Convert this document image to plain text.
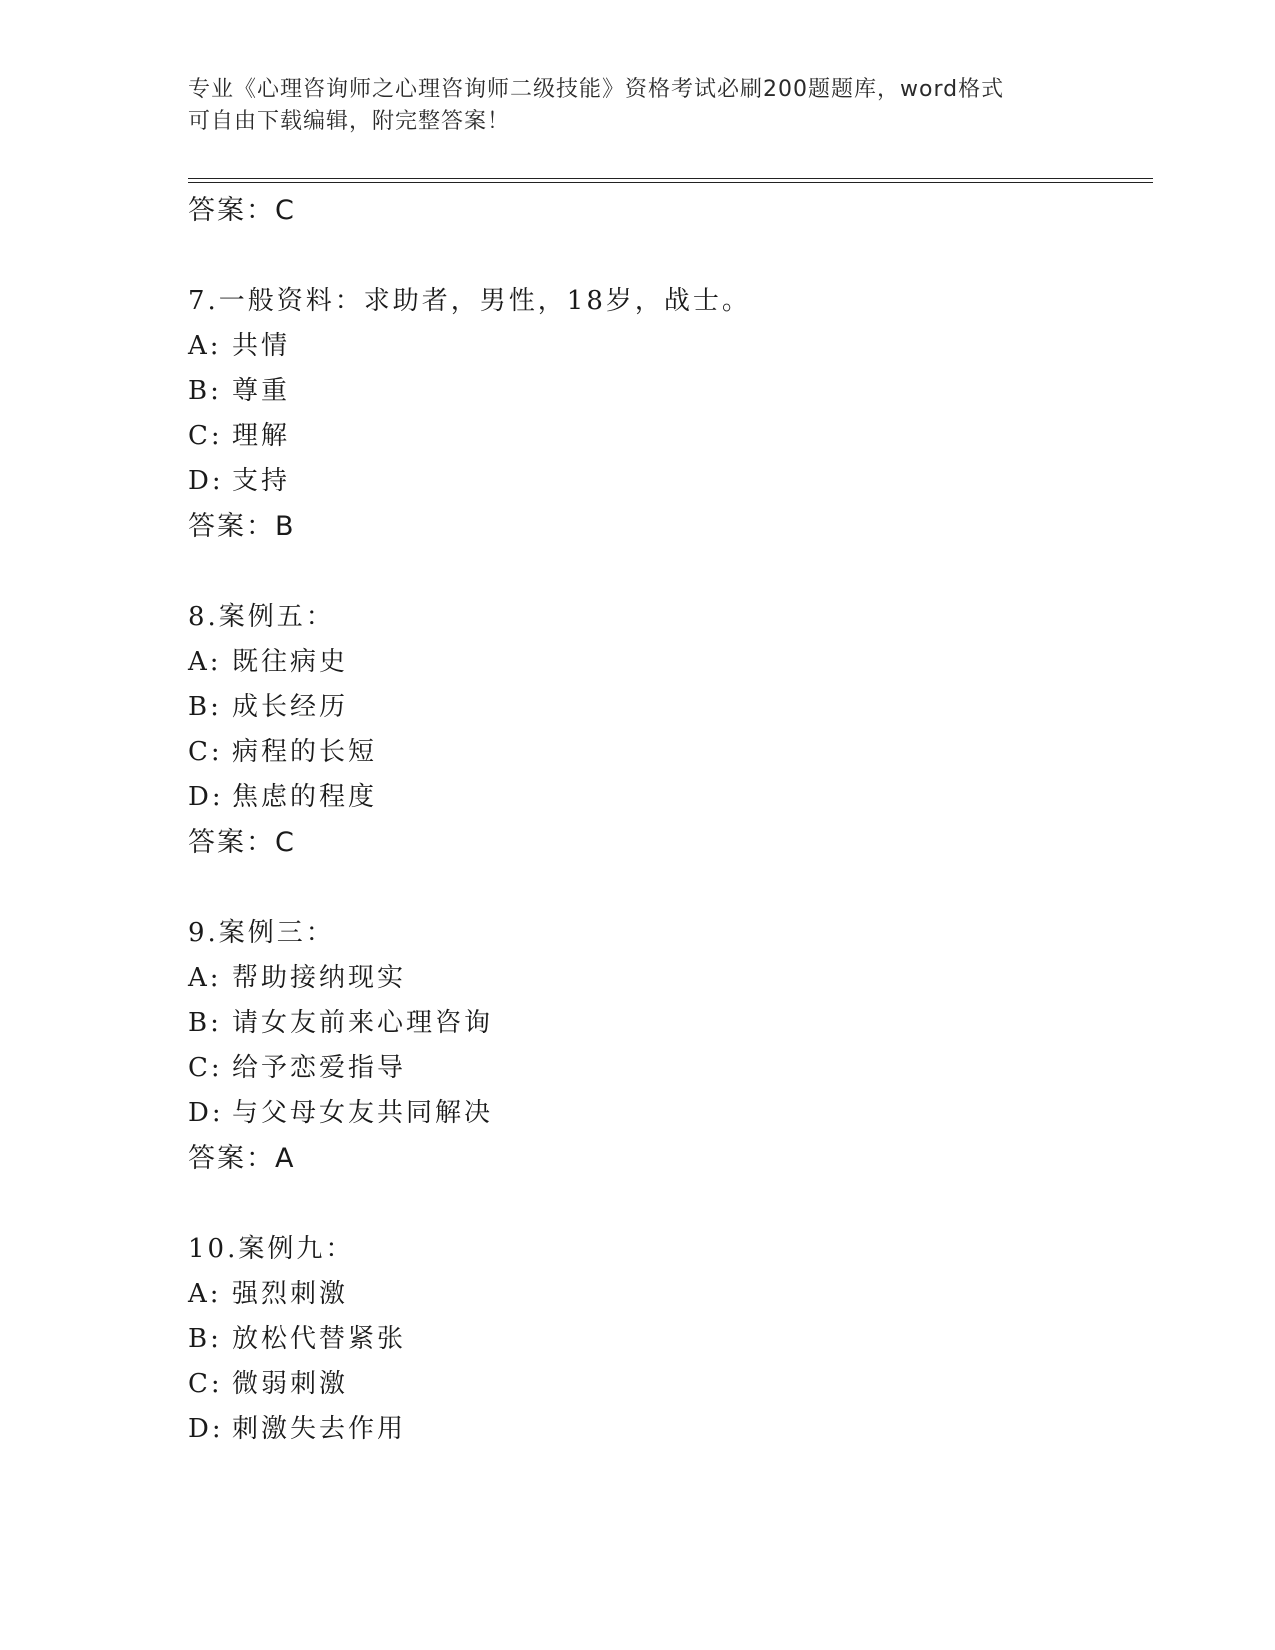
专业《心理咨询师之心理咨询师二级技能》资格考试必刷200题题库，word格式
可自由下载编辑，附完整答案！
答案：C
7.一般资料：求助者，男性，18岁，战士。
A: 共情
B: 尊重
C: 理解
D: 支持
答案：B
8.案例五：
A: 既往病史
B: 成长经历
C: 病程的长短
D: 焦虑的程度
答案：C
9.案例三：
A: 帮助接纳现实
B: 请女友前来心理咨询
C: 给予恋爱指导
D: 与父母女友共同解决
答案：A
10.案例九：
A: 强烈刺激
B: 放松代替紧张
C: 微弱刺激
D: 刺激失去作用
